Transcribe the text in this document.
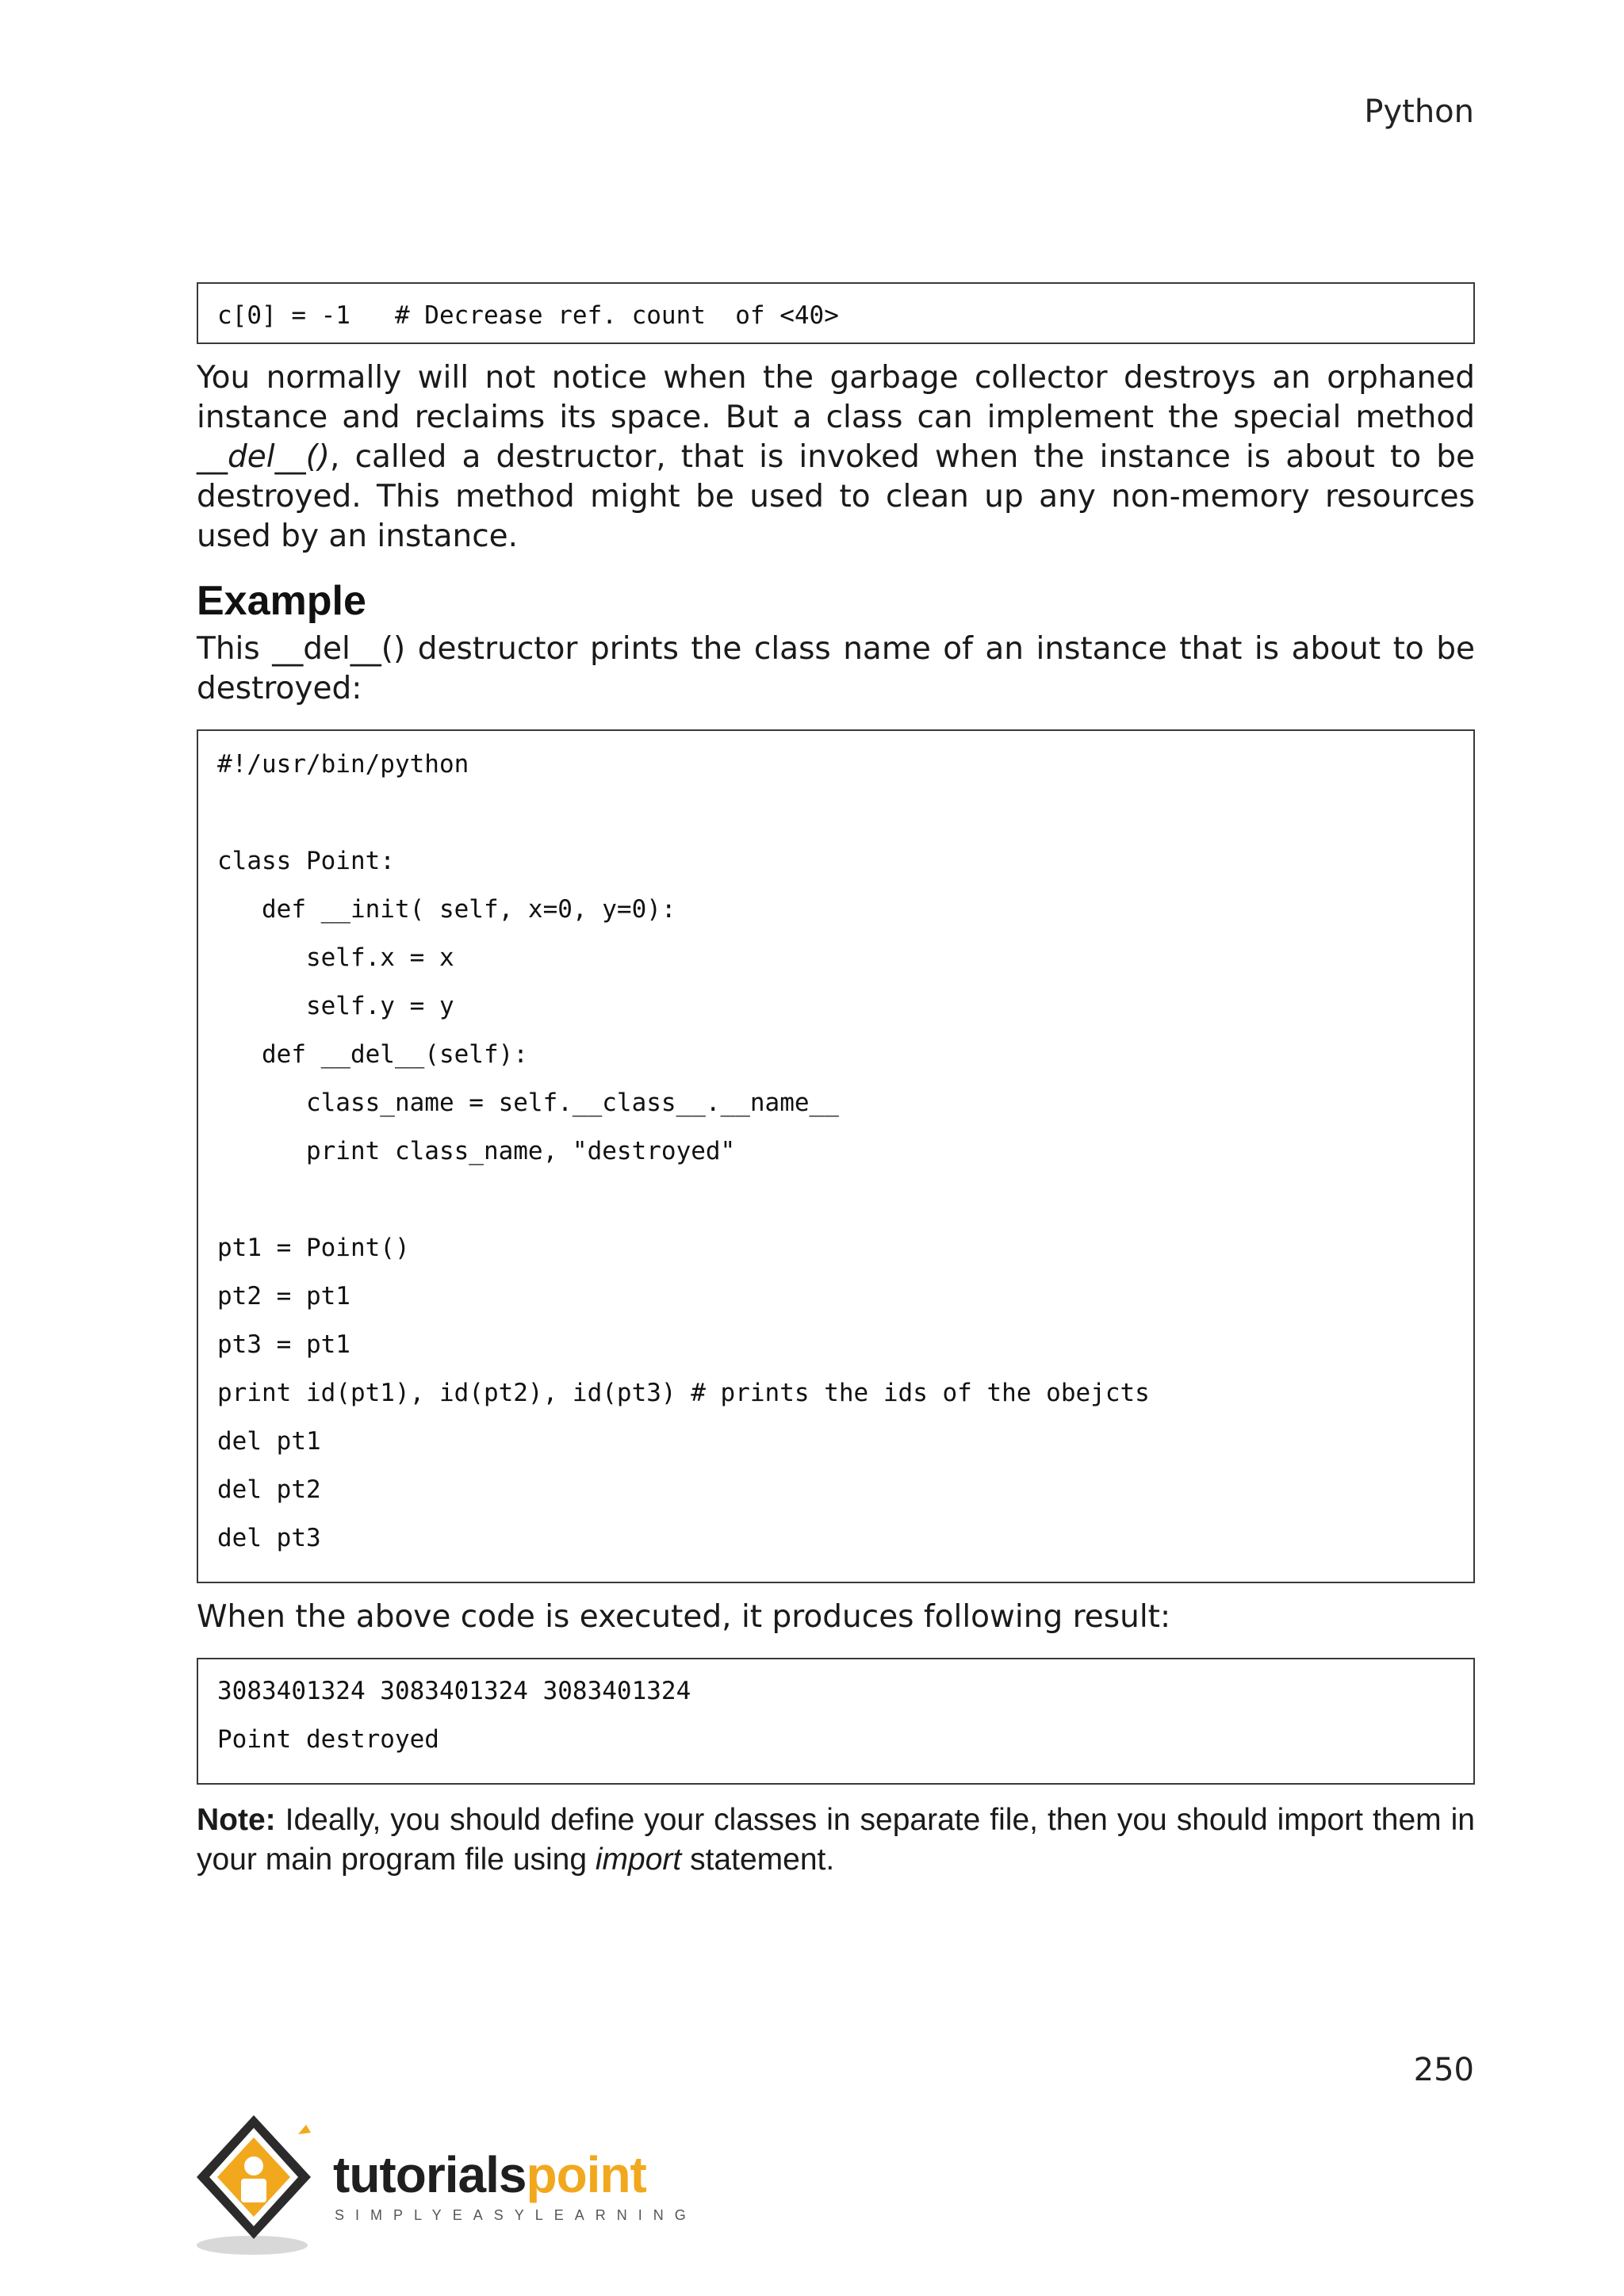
Python
c[0] = -1   # Decrease ref. count  of <40>

You normally will not notice when the garbage collector destroys an orphaned instance and reclaims its space. But a class can implement the special method __del__(), called a destructor, that is invoked when the instance is about to be destroyed. This method might be used to clean up any non-memory resources used by an instance.

Example

This __del__() destructor prints the class name of an instance that is about to be destroyed:

#!/usr/bin/python
class Point:
def __init( self, x=0, y=0):
self.x = x
self.y = y
def __del__(self):
class_name = self.__class__.__name__
print class_name, "destroyed"
pt1 = Point()
pt2 = pt1
pt3 = pt1
print id(pt1), id(pt2), id(pt3) # prints the ids of the obejcts
del pt1
del pt2
del pt3

When the above code is executed, it produces following result:

3083401324 3083401324 3083401324
Point destroyed

Note: Ideally, you should define your classes in separate file, then you should import them in your main program file using import statement.

250
tutorialspoint
SIMPLYEASYLEARNING
